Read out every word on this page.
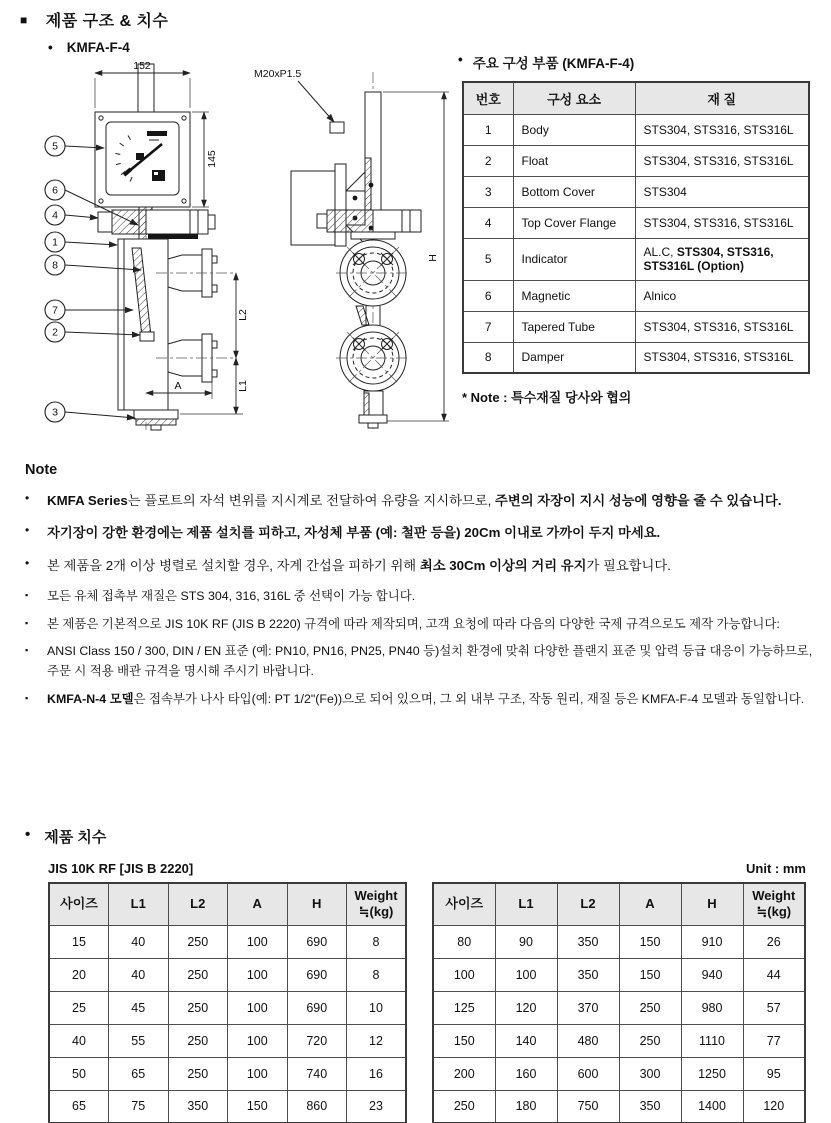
■ 제품 구조 & 치수
• KMFA-F-4
152
145
L2
L1
A
5
6
4
1
8
7
2
3
M20xP1.5
H
• 주요 구성 부품 (KMFA-F-4)
번호	구성 요소	재 질
1	Body	STS304, STS316, STS316L
2	Float	STS304, STS316, STS316L
3	Bottom Cover	STS304
4	Top Cover Flange	STS304, STS316, STS316L
5	Indicator	AL.C, STS304, STS316, STS316L (Option)
6	Magnetic	Alnico
7	Tapered Tube	STS304, STS316, STS316L
8	Damper	STS304, STS316, STS316L
* Note : 특수재질 당사와 협의
Note
•	KMFA Series는 플로트의 자석 변위를 지시계로 전달하여 유량을 지시하므로, 주변의 자장이 지시 성능에 영향을 줄 수 있습니다.
•	자기장이 강한 환경에는 제품 설치를 피하고, 자성체 부품 (예: 철판 등을) 20Cm 이내로 가까이 두지 마세요.
•	본 제품을 2개 이상 병렬로 설치할 경우, 자계 간섭을 피하기 위해 최소 30Cm 이상의 거리 유지가 필요합니다.
▪	모든 유체 접촉부 재질은 STS 304, 316, 316L 중 선택이 가능 합니다.
▪	본 제품은 기본적으로 JIS 10K RF (JIS B 2220) 규격에 따라 제작되며, 고객 요청에 따라 다음의 다양한 국제 규격으로도 제작 가능합니다:
▪	ANSI Class 150 / 300, DIN / EN 표준 (예: PN10, PN16, PN25, PN40 등)설치 환경에 맞춰 다양한 플랜지 표준 및 압력 등급 대응이 가능하므로, 주문 시 적용 배관 규격을 명시해 주시기 바랍니다.
▪	KMFA-N-4 모델은 접속부가 나사 타입(예: PT 1/2"(Fe))으로 되어 있으며, 그 외 내부 구조, 작동 원리, 재질 등은 KMFA-F-4 모델과 동일합니다.
• 제품 치수
JIS 10K RF [JIS B 2220]	Unit : mm
사이즈	L1	L2	A	H	Weight
≒(kg)

15	40	250	100	690	8
20	40	250	100	690	8
25	45	250	100	690	10
40	55	250	100	720	12
50	65	250	100	740	16
65	75	350	150	860	23
사이즈	L1	L2	A	H	Weight
≒(kg)

80	90	350	150	910	26
100	100	350	150	940	44
125	120	370	250	980	57
150	140	480	250	1110	77
200	160	600	300	1250	95
250	180	750	350	1400	120
